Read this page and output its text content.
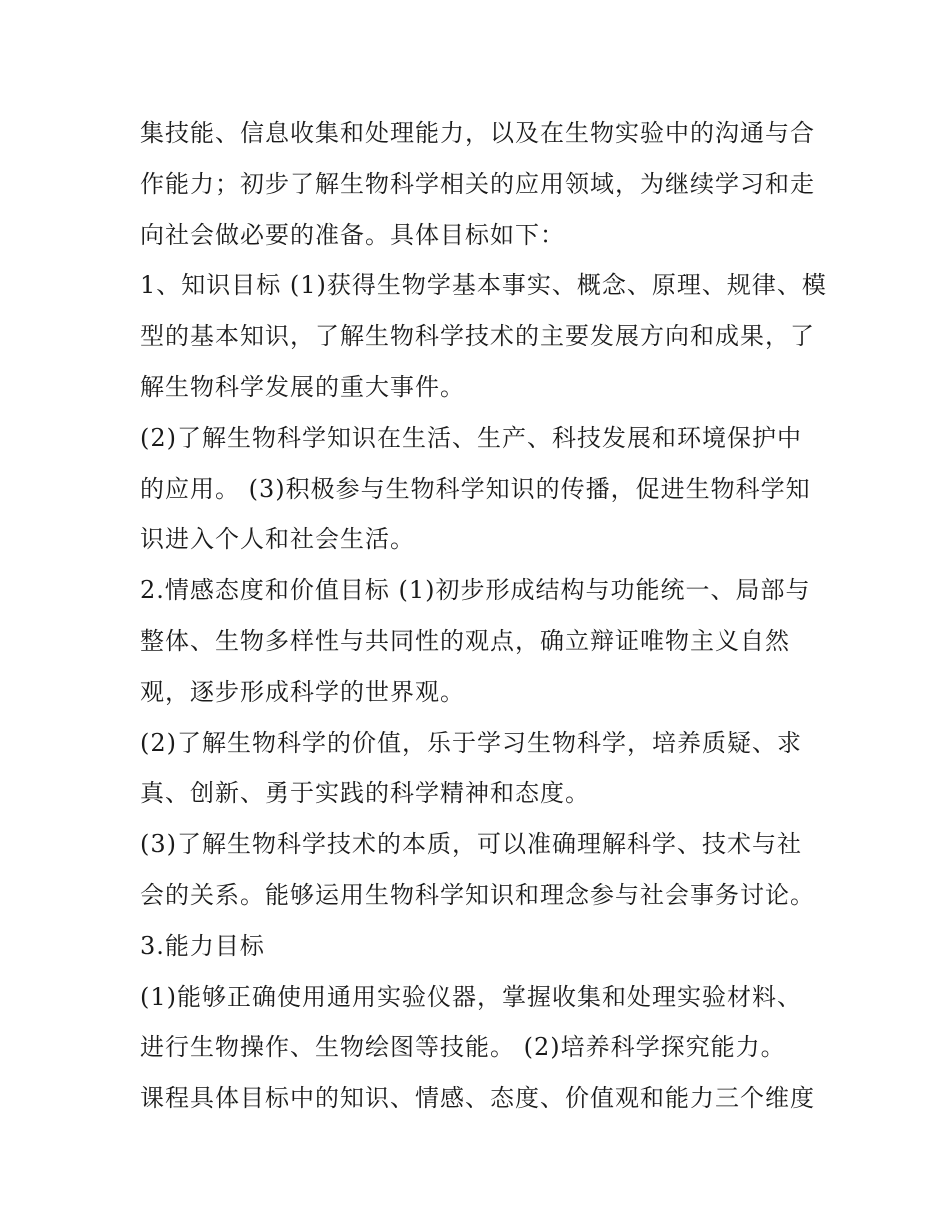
集技能、信息收集和处理能力，以及在生物实验中的沟通与合
作能力；初步了解生物科学相关的应用领域，为继续学习和走
向社会做必要的准备。具体目标如下：
1、知识目标 (1)获得生物学基本事实、概念、原理、规律、模
型的基本知识，了解生物科学技术的主要发展方向和成果，了
解生物科学发展的重大事件。
(2)了解生物科学知识在生活、生产、科技发展和环境保护中
的应用。 (3)积极参与生物科学知识的传播，促进生物科学知
识进入个人和社会生活。
2.情感态度和价值目标 (1)初步形成结构与功能统一、局部与
整体、生物多样性与共同性的观点，确立辩证唯物主义自然
观，逐步形成科学的世界观。
(2)了解生物科学的价值，乐于学习生物科学，培养质疑、求
真、创新、勇于实践的科学精神和态度。
(3)了解生物科学技术的本质，可以准确理解科学、技术与社
会的关系。能够运用生物科学知识和理念参与社会事务讨论。
3.能力目标
(1)能够正确使用通用实验仪器，掌握收集和处理实验材料、
进行生物操作、生物绘图等技能。 (2)培养科学探究能力。
课程具体目标中的知识、情感、态度、价值观和能力三个维度
